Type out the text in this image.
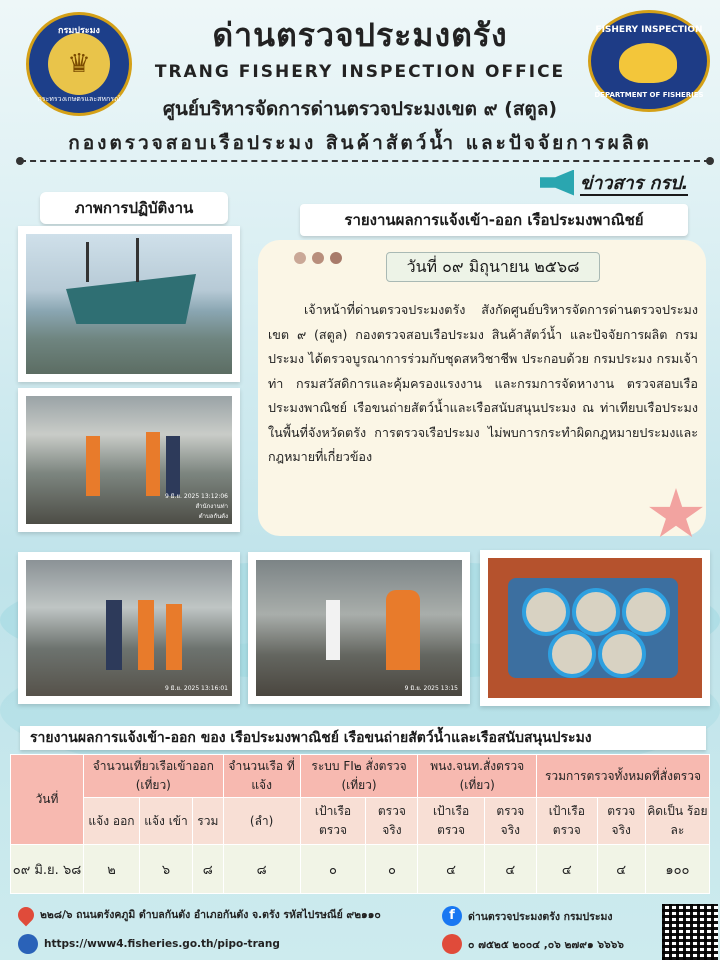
กรมประมง
♛
กระทรวงเกษตรและสหกรณ์
ด่านตรวจประมงตรัง
TRANG FISHERY INSPECTION OFFICE
FISHERY INSPECTION
DEPARTMENT OF FISHERIES
ศูนย์บริหารจัดการด่านตรวจประมงเขต ๙ (สตูล)
กองตรวจสอบเรือประมง สินค้าสัตว์น้ำ และปัจจัยการผลิต
ข่าวสาร กรป.
ภาพการปฏิบัติงาน
รายงานผลการแจ้งเข้า-ออก เรือประมงพาณิชย์
9 มิ.ย. 2025 13:12:06
สำนักงานท่า
ตำบลกันตัง
9 มิ.ย. 2025 13:16:01	9 มิ.ย. 2025 13:15
วันที่ ๐๙ มิถุนายน ๒๕๖๘
เจ้าหน้าที่ด่านตรวจประมงตรัง สังกัดศูนย์บริหารจัดการด่านตรวจประมง เขต ๙ (สตูล) กองตรวจสอบเรือประมง สินค้าสัตว์น้ำ และปัจจัยการผลิต กรมประมง ได้ตรวจบูรณาการร่วมกับชุดสหวิชาชีพ ประกอบด้วย กรมประมง กรมเจ้าท่า กรมสวัสดิการและคุ้มครองแรงงาน และกรมการจัดหางาน ตรวจสอบเรือประมงพาณิชย์ เรือขนถ่ายสัตว์น้ำและเรือสนับสนุนประมง ณ ท่าเทียบเรือประมงในพื้นที่จังหวัดตรัง การตรวจเรือประมง ไม่พบการกระทำผิดกฎหมายประมงและกฎหมายที่เกี่ยวข้อง
รายงานผลการแจ้งเข้า-ออก ของ เรือประมงพาณิชย์ เรือขนถ่ายสัตว์น้ำและเรือสนับสนุนประมง
วันที่	จำนวนเที่ยวเรือเข้าออก (เที่ยว)			จำนวนเรือ ที่แจ้ง	ระบบ FI๒ สั่งตรวจ (เที่ยว)		พนง.จนท.สั่งตรวจ (เที่ยว)		รวมการตรวจทั้งหมดที่สั่งตรวจ		
	แจ้ง ออก	แจ้ง เข้า	รวม	(ลำ)	เป้าเรือ ตรวจ	ตรวจ จริง	เป้าเรือ ตรวจ	ตรวจ จริง	เป้าเรือ ตรวจ	ตรวจ จริง	คิดเป็น ร้อยละ
๐๙ มิ.ย. ๖๘	๒	๖	๘	๘	๐	๐	๔	๔	๔	๔	๑๐๐
๒๒๘/๖ ถนนตรังคภูมิ ตำบลกันตัง อำเภอกันตัง จ.ตรัง รหัสไปรษณีย์ ๙๒๑๑๐	f	ด่านตรวจประมงตรัง กรมประมง
https://www4.fisheries.go.th/pipo-trang	๐ ๗๕๒๕ ๒๐๐๔ ,๐๖ ๒๗๙๑ ๖๖๖๖
